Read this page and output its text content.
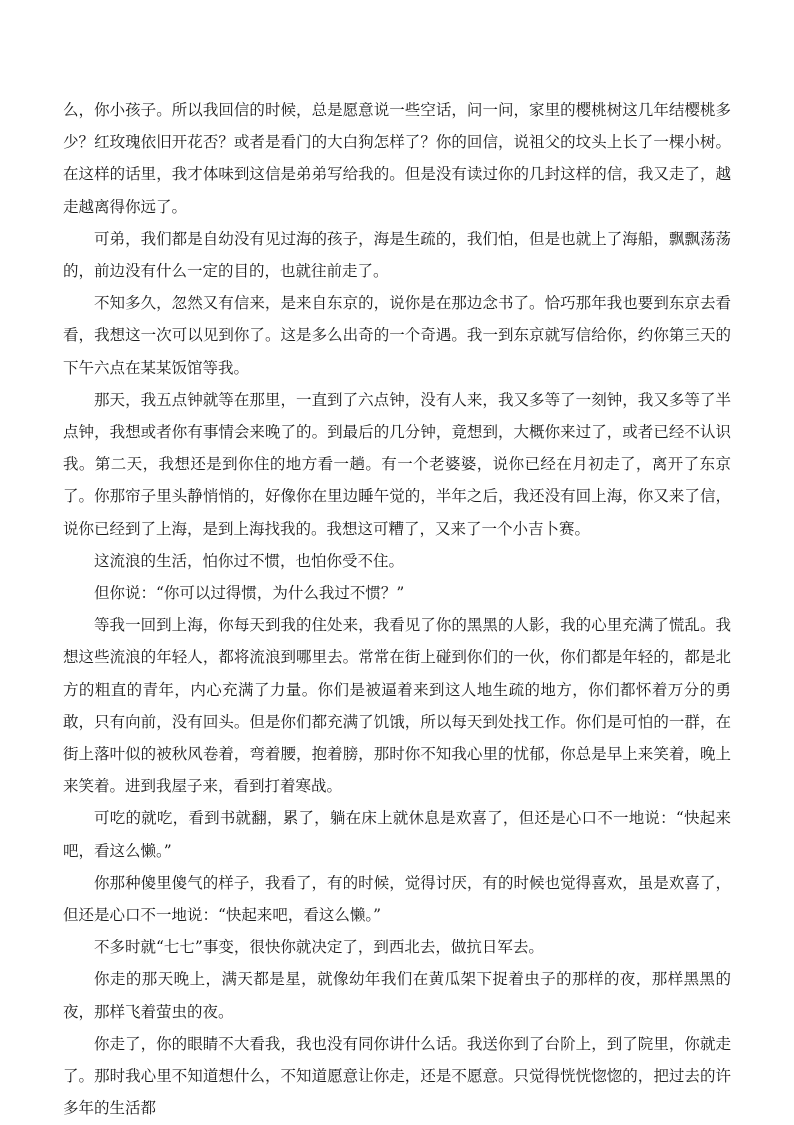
么，你小孩子。所以我回信的时候，总是愿意说一些空话，问一问，家里的樱桃树这几年结樱桃多少？红玫瑰依旧开花否？或者是看门的大白狗怎样了？你的回信，说祖父的坟头上长了一棵小树。在这样的话里，我才体味到这信是弟弟写给我的。但是没有读过你的几封这样的信，我又走了，越走越离得你远了。

可弟，我们都是自幼没有见过海的孩子，海是生疏的，我们怕，但是也就上了海船，飘飘荡荡的，前边没有什么一定的目的，也就往前走了。

不知多久，忽然又有信来，是来自东京的，说你是在那边念书了。恰巧那年我也要到东京去看看，我想这一次可以见到你了。这是多么出奇的一个奇遇。我一到东京就写信给你，约你第三天的下午六点在某某饭馆等我。

那天，我五点钟就等在那里，一直到了六点钟，没有人来，我又多等了一刻钟，我又多等了半点钟，我想或者你有事情会来晚了的。到最后的几分钟，竟想到，大概你来过了，或者已经不认识我。第二天，我想还是到你住的地方看一趟。有一个老婆婆，说你已经在月初走了，离开了东京了。你那帘子里头静悄悄的，好像你在里边睡午觉的，半年之后，我还没有回上海，你又来了信，说你已经到了上海，是到上海找我的。我想这可糟了，又来了一个小吉卜赛。

这流浪的生活，怕你过不惯，也怕你受不住。

但你说：“你可以过得惯，为什么我过不惯？”

等我一回到上海，你每天到我的住处来，我看见了你的黑黑的人影，我的心里充满了慌乱。我想这些流浪的年轻人，都将流浪到哪里去。常常在街上碰到你们的一伙，你们都是年轻的，都是北方的粗直的青年，内心充满了力量。你们是被逼着来到这人地生疏的地方，你们都怀着万分的勇敢，只有向前，没有回头。但是你们都充满了饥饿，所以每天到处找工作。你们是可怕的一群，在街上落叶似的被秋风卷着，弯着腰，抱着膀，那时你不知我心里的忧郁，你总是早上来笑着，晚上来笑着。进到我屋子来，看到打着寒战。

可吃的就吃，看到书就翻，累了，躺在床上就休息是欢喜了，但还是心口不一地说：“快起来吧，看这么懒。”

你那种傻里傻气的样子，我看了，有的时候，觉得讨厌，有的时候也觉得喜欢，虽是欢喜了，但还是心口不一地说：“快起来吧，看这么懒。”

不多时就“七七”事变，很快你就决定了，到西北去，做抗日军去。

你走的那天晚上，满天都是星，就像幼年我们在黄瓜架下捉着虫子的那样的夜，那样黑黑的夜，那样飞着萤虫的夜。

你走了，你的眼睛不大看我，我也没有同你讲什么话。我送你到了台阶上，到了院里，你就走了。那时我心里不知道想什么，不知道愿意让你走，还是不愿意。只觉得恍恍惚惚的，把过去的许多年的生活都
